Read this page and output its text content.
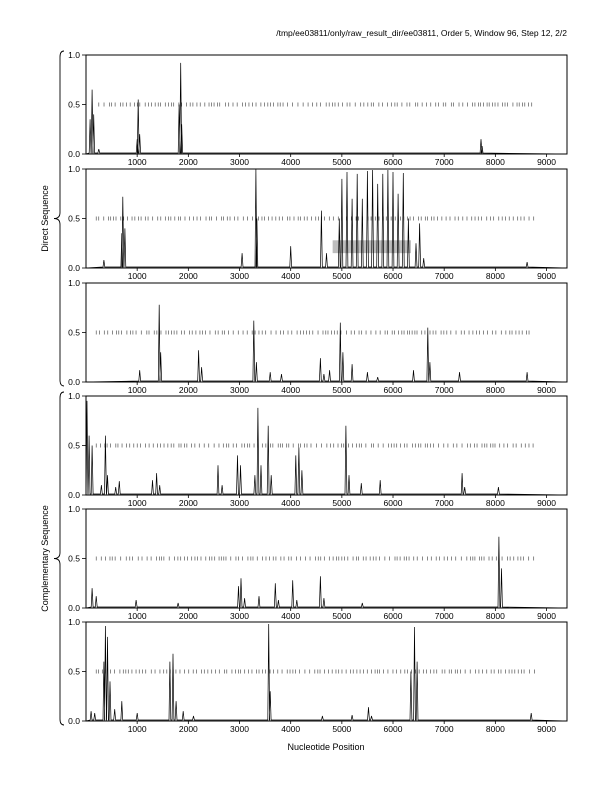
/tmp/ee03811/only/raw_result_dir/ee03811, Order 5, Window 96, Step 12, 2/2
0.0
0.5
1.0
1000	2000	3000	4000	5000	6000	7000	8000	9000
0.0
0.5
1.0
1000	2000	3000	4000	5000	6000	7000	8000	9000
0.0
0.5
1.0
1000	2000	3000	4000	5000	6000	7000	8000	9000
0.0
0.5
1.0
1000	2000	3000	4000	5000	6000	7000	8000	9000
0.0
0.5
1.0
1000	2000	3000	4000	5000	6000	7000	8000	9000
0.0
0.5
1.0
1000	2000	3000	4000	5000	6000	7000	8000	9000
Direct Sequence
Complementary Sequence
Nucleotide Position
